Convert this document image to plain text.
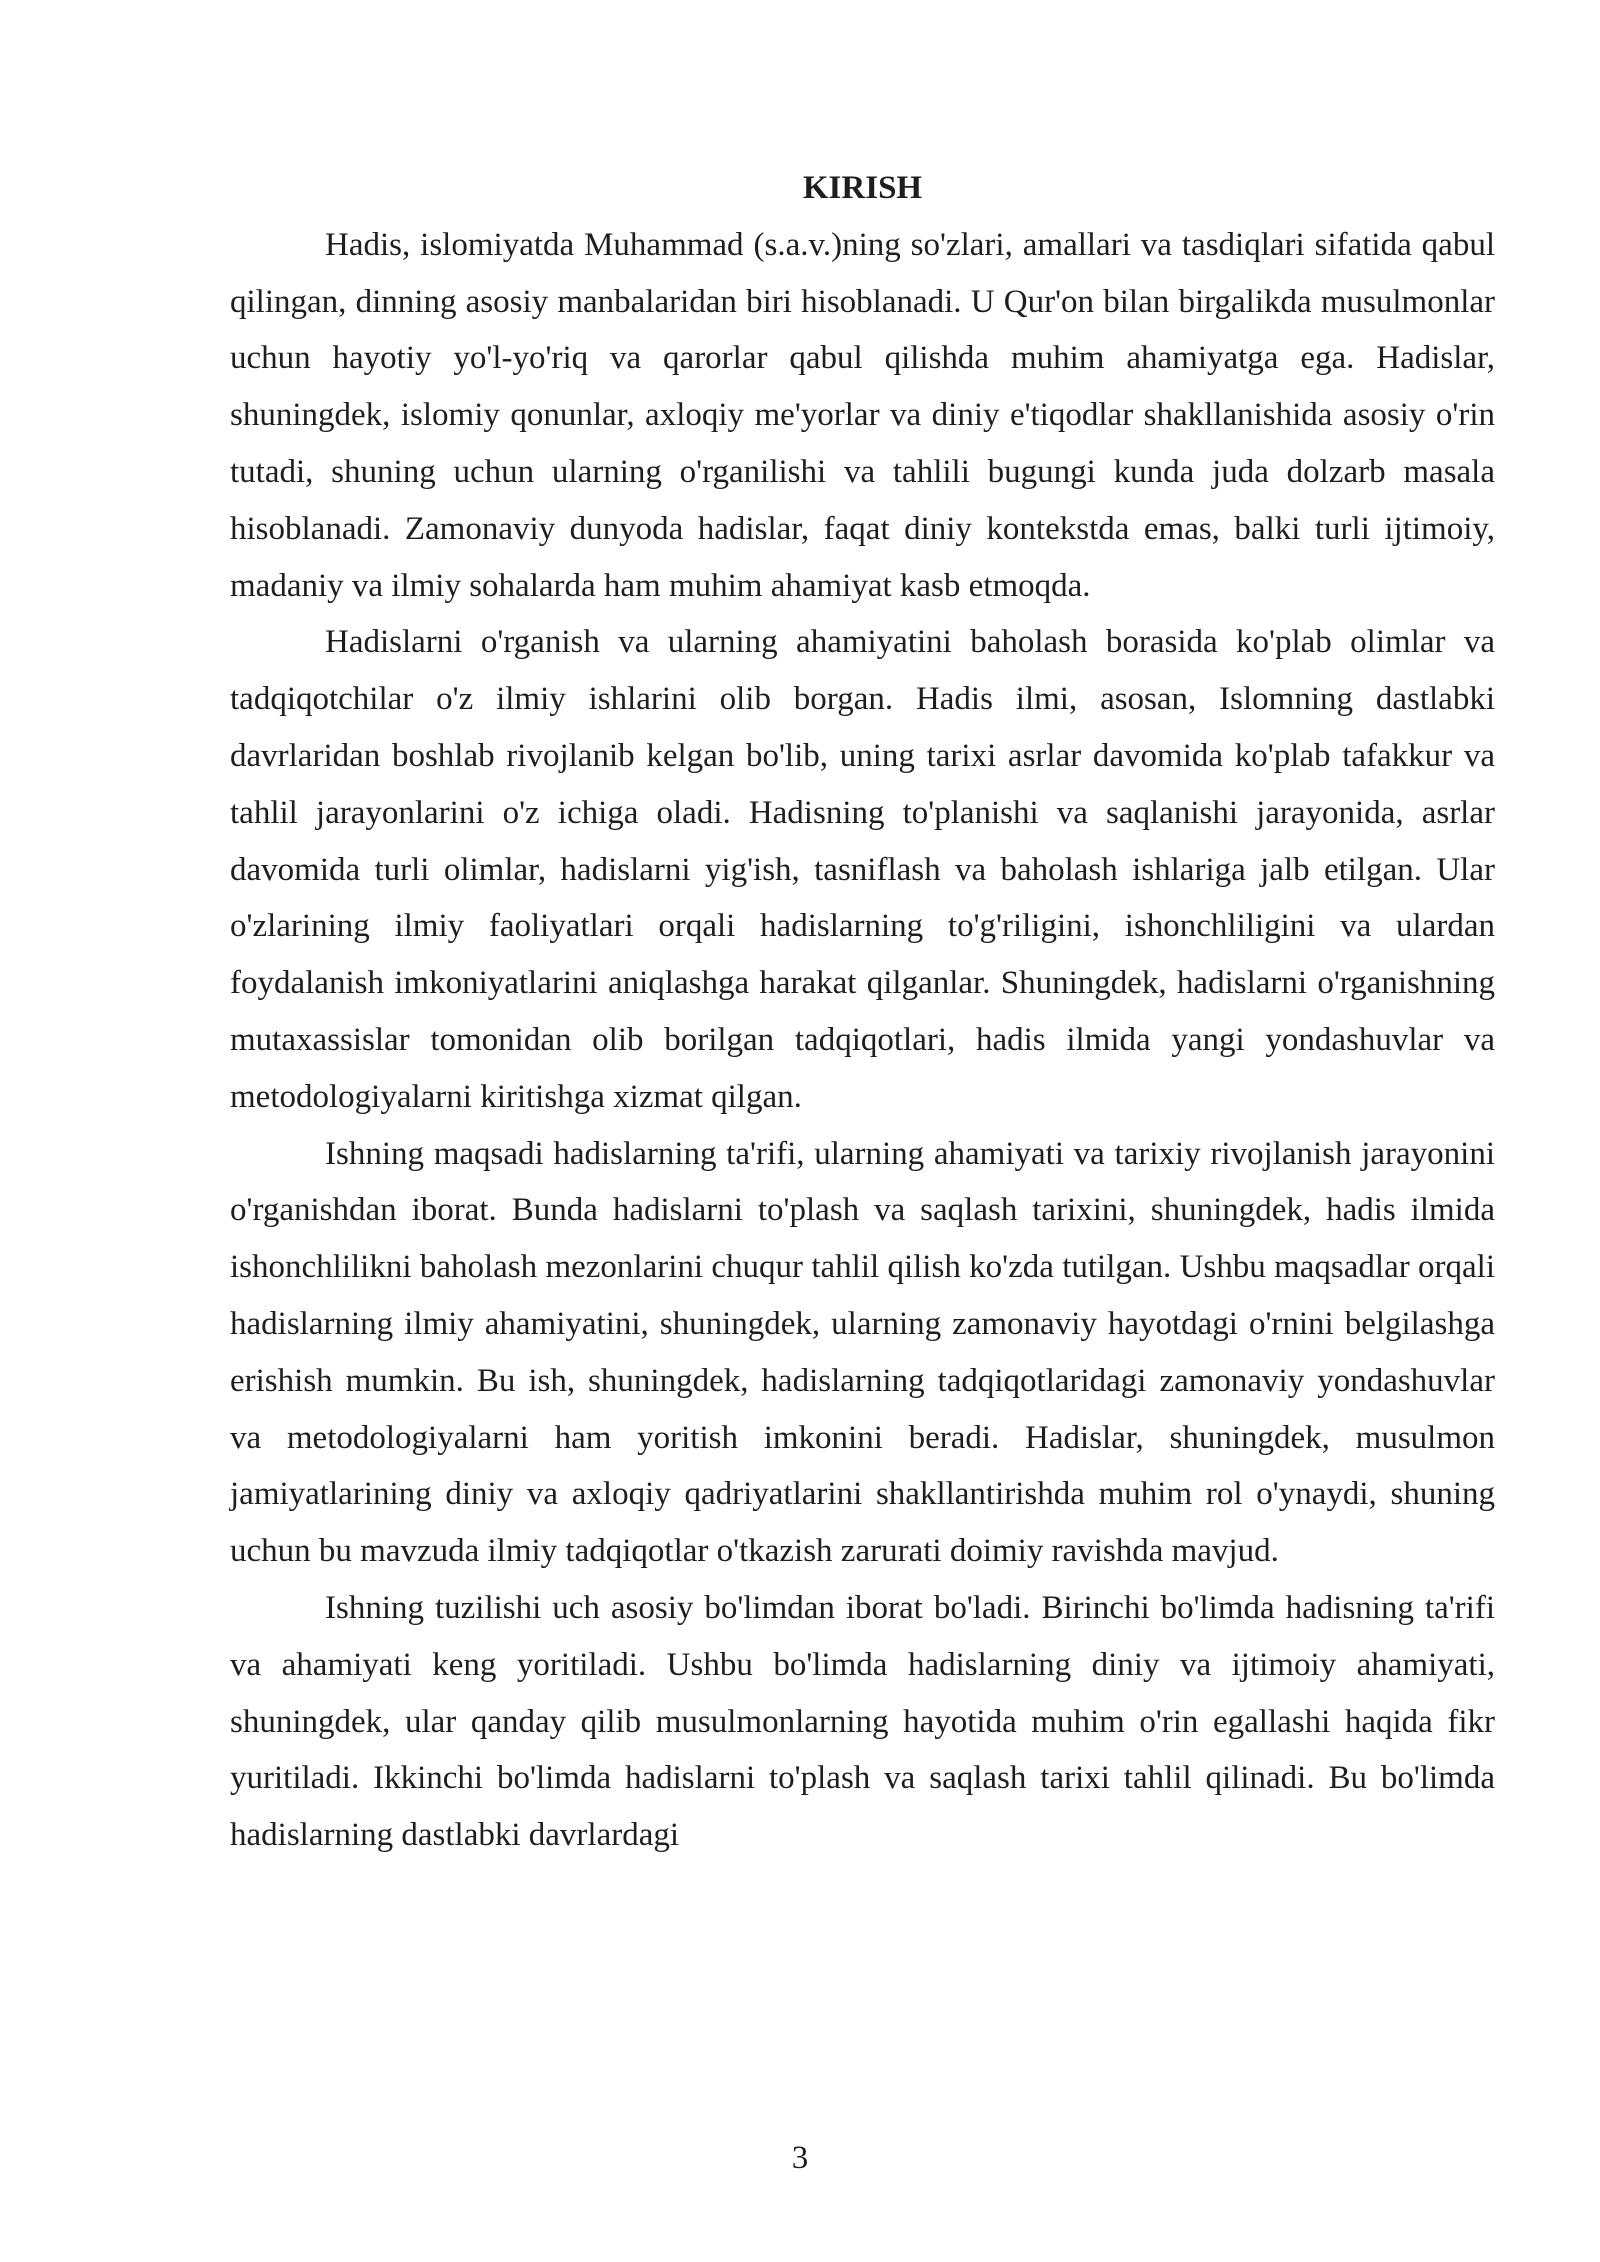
KIRISH

Hadis, islomiyatda Muhammad (s.a.v.)ning so'zlari, amallari va tasdiqlari sifatida qabul qilingan, dinning asosiy manbalaridan biri hisoblanadi. U Qur'on bilan birgalikda musulmonlar uchun hayotiy yo'l-yo'riq va qarorlar qabul qilishda muhim ahamiyatga ega. Hadislar, shuningdek, islomiy qonunlar, axloqiy me'yorlar va diniy e'tiqodlar shakllanishida asosiy o'rin tutadi, shuning uchun ularning o'rganilishi va tahlili bugungi kunda juda dolzarb masala hisoblanadi. Zamonaviy dunyoda hadislar, faqat diniy kontekstda emas, balki turli ijtimoiy, madaniy va ilmiy sohalarda ham muhim ahamiyat kasb etmoqda.

Hadislarni o'rganish va ularning ahamiyatini baholash borasida ko'plab olimlar va tadqiqotchilar o'z ilmiy ishlarini olib borgan. Hadis ilmi, asosan, Islomning dastlabki davrlaridan boshlab rivojlanib kelgan bo'lib, uning tarixi asrlar davomida ko'plab tafakkur va tahlil jarayonlarini o'z ichiga oladi. Hadisning to'planishi va saqlanishi jarayonida, asrlar davomida turli olimlar, hadislarni yig'ish, tasniflash va baholash ishlariga jalb etilgan. Ular o'zlarining ilmiy faoliyatlari orqali hadislarning to'g'riligini, ishonchliligini va ulardan foydalanish imkoniyatlarini aniqlashga harakat qilganlar. Shuningdek, hadislarni o'rganishning mutaxassislar tomonidan olib borilgan tadqiqotlari, hadis ilmida yangi yondashuvlar va metodologiyalarni kiritishga xizmat qilgan.

Ishning maqsadi hadislarning ta'rifi, ularning ahamiyati va tarixiy rivojlanish jarayonini o'rganishdan iborat. Bunda hadislarni to'plash va saqlash tarixini, shuningdek, hadis ilmida ishonchlilikni baholash mezonlarini chuqur tahlil qilish ko'zda tutilgan. Ushbu maqsadlar orqali hadislarning ilmiy ahamiyatini, shuningdek, ularning zamonaviy hayotdagi o'rnini belgilashga erishish mumkin. Bu ish, shuningdek, hadislarning tadqiqotlaridagi zamonaviy yondashuvlar va metodologiyalarni ham yoritish imkonini beradi. Hadislar, shuningdek, musulmon jamiyatlarining diniy va axloqiy qadriyatlarini shakllantirishda muhim rol o'ynaydi, shuning uchun bu mavzuda ilmiy tadqiqotlar o'tkazish zarurati doimiy ravishda mavjud.

Ishning tuzilishi uch asosiy bo'limdan iborat bo'ladi. Birinchi bo'limda hadisning ta'rifi va ahamiyati keng yoritiladi. Ushbu bo'limda hadislarning diniy va ijtimoiy ahamiyati, shuningdek, ular qanday qilib musulmonlarning hayotida muhim o'rin egallashi haqida fikr yuritiladi. Ikkinchi bo'limda hadislarni to'plash va saqlash tarixi tahlil qilinadi. Bu bo'limda hadislarning dastlabki davrlardagi

3
